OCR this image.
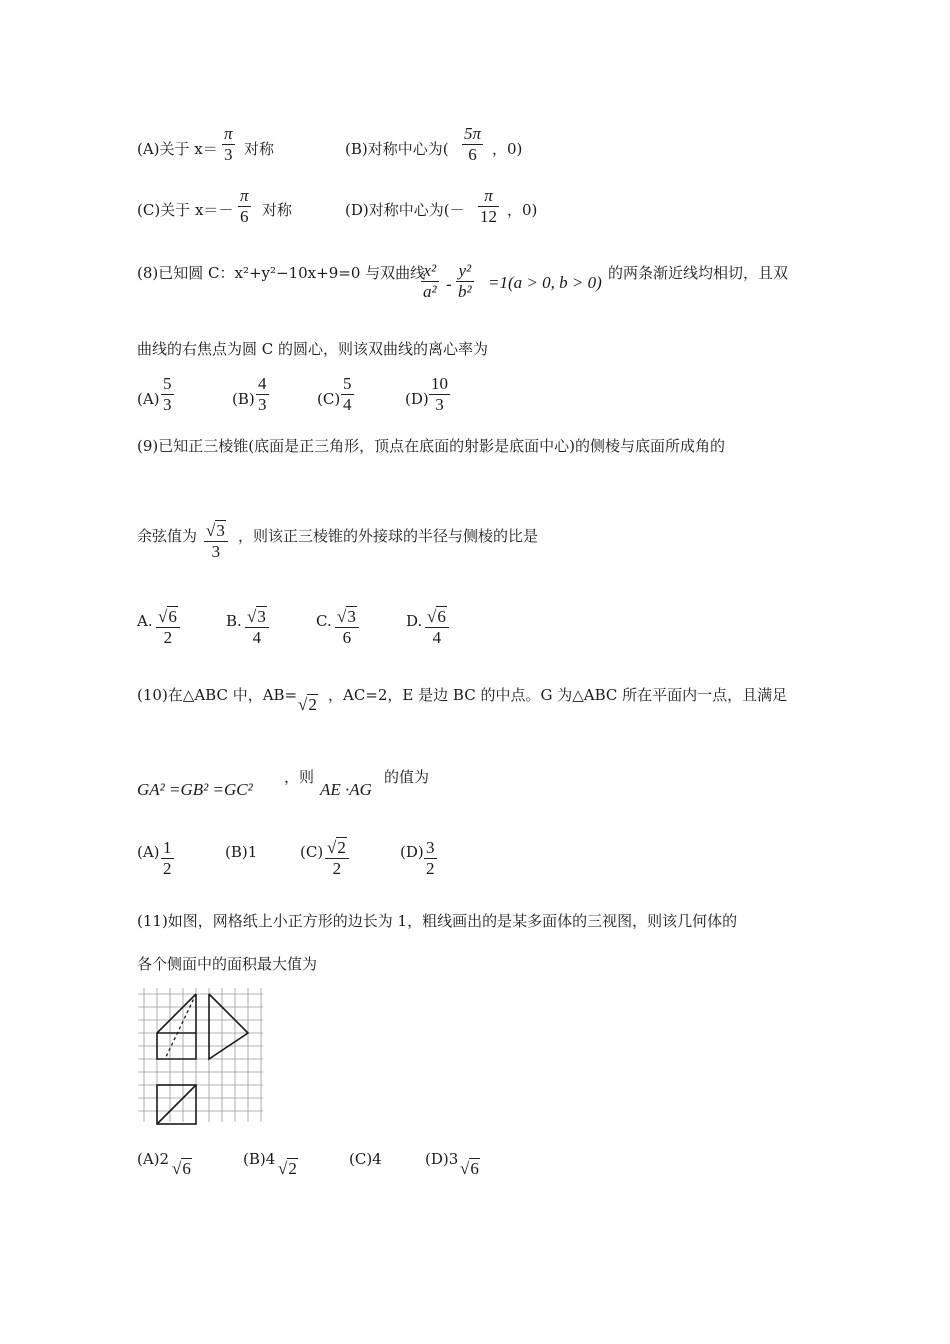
(A)关于 $x= \frac{\pi}{3}$ 对称	(B)对称中心为( $\frac{5\pi}{6}$ ，0)
(C)关于 $x=- \frac{\pi}{6}$ 对称	(D)对称中心为(－ $\frac{\pi}{12}$ ，0)
(8)已知圆 C：x²+y²−10x+9=0 与双曲线
$\frac{\text{x²}}{\text{a²}} - \frac{\text{y²}}{\text{b²}} =1(a > 0$, b > 0) 的两条渐近线均相切，且双
曲线的右焦点为圆 C 的圆心，则该双曲线的离心率为
$(A) \frac{5}{3}$	$(B) \frac{4}{3}$	$(C) \frac{5}{4}$	$(D) \frac{10}{3}$
(9)已知正三棱锥(底面是正三角形，顶点在底面的射影是底面中心)的侧棱与底面所成角的
余弦值为 $\frac{√3}{3}$ ，则该正三棱锥的外接球的半径与侧棱的比是
A. $\frac{√6}{2}$	B. $\frac{√3}{4}$	C. $\frac{√3}{6}$	D. $\frac{√6}{4}$
(10)在△ABC 中，AB= √2 ，AC=2，E 是边 BC 的中点。G 为△ABC 所在平面内一点，且满足
GA² =GB² =GC²
，则
AE ·AG
的值为
$(A) \frac{1}{2}$	(B)1	$(C) \frac{√2}{2}$	$(D) \frac{3}{2}$
(11)如图，网格纸上小正方形的边长为 1，粗线画出的是某多面体的三视图，则该几何体的
各个侧面中的面积最大值为
(A)2 √6	(B)4 √2	(C)4	(D)3 √6
